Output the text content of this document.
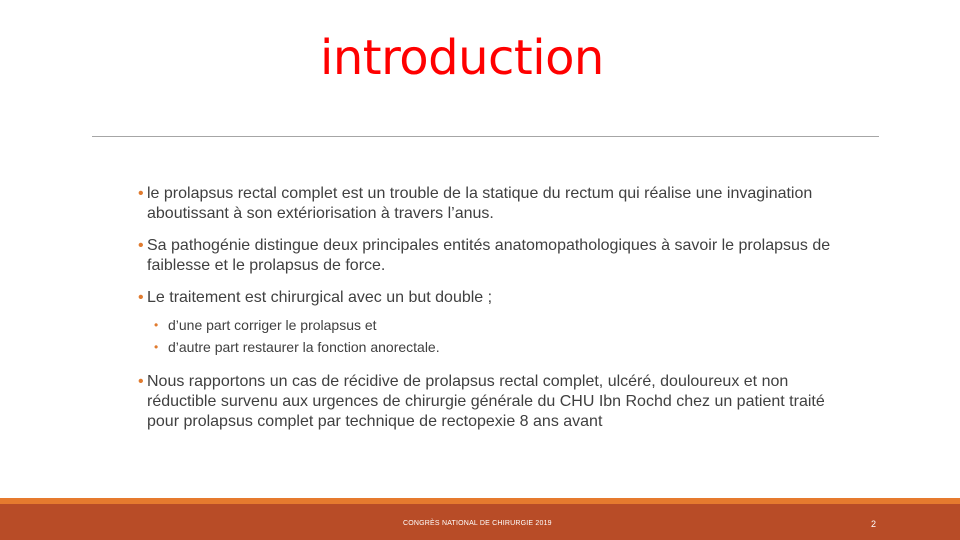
introduction
• le prolapsus rectal complet est un trouble de la statique du rectum qui réalise une invagination aboutissant à son extériorisation à travers l’anus.
• Sa pathogénie distingue deux principales entités anatomopathologiques à savoir le prolapsus de faiblesse et le prolapsus de force.
• Le traitement est chirurgical avec un but double ;
• d’une part corriger le prolapsus et
• d’autre part restaurer la fonction anorectale.
• Nous rapportons un cas de récidive de prolapsus rectal complet, ulcéré, douloureux et non réductible survenu aux urgences de chirurgie générale du CHU Ibn Rochd chez un patient traité pour prolapsus complet par technique de rectopexie 8 ans avant
CONGRÈS NATIONAL DE CHIRURGIE 2019	2
